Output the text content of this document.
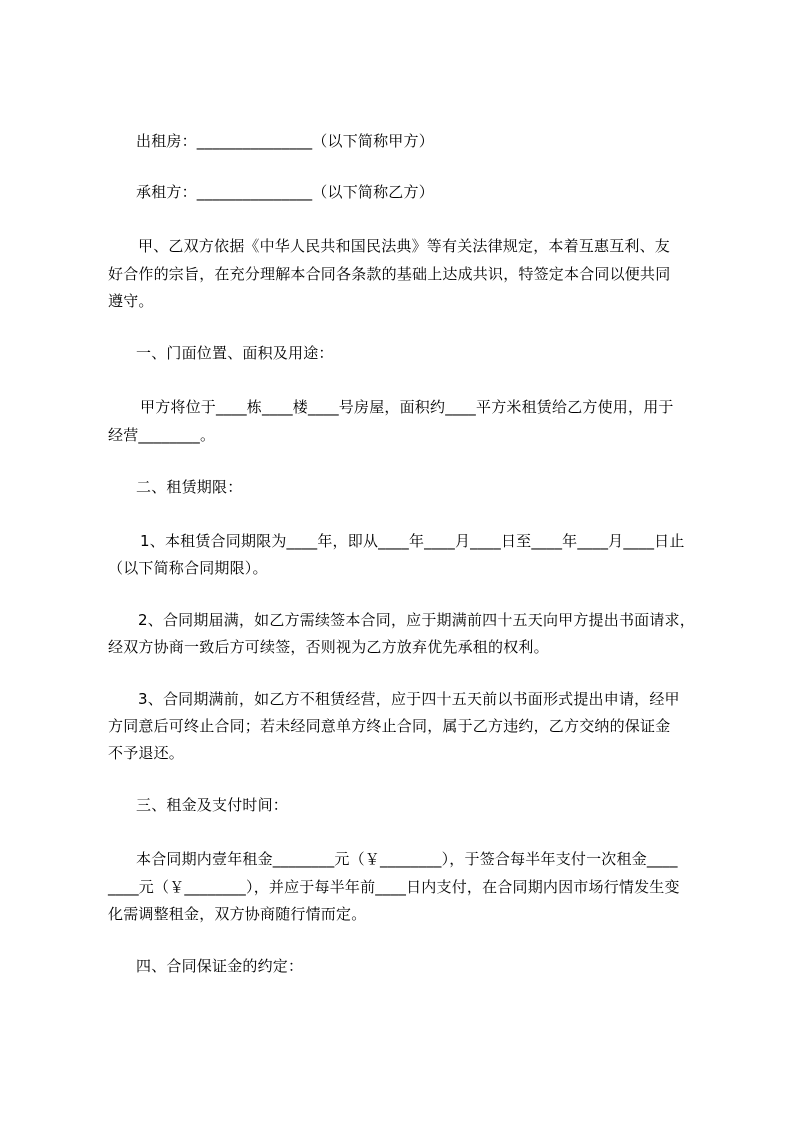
出租房：_______________（以下简称甲方）
承租方：_______________（以下简称乙方）
甲、乙双方依据《中华人民共和国民法典》等有关法律规定，本着互惠互利、友
好合作的宗旨，在充分理解本合同各条款的基础上达成共识，特签定本合同以便共同
遵守。
一、门面位置、面积及用途：
甲方将位于____栋____楼____号房屋，面积约____平方米租赁给乙方使用，用于
经营________。
二、租赁期限：
1、本租赁合同期限为____年，即从____年____月____日至____年____月____日止
（以下简称合同期限）。
2、合同期届满，如乙方需续签本合同，应于期满前四十五天向甲方提出书面请求，
经双方协商一致后方可续签，否则视为乙方放弃优先承租的权利。
3、合同期满前，如乙方不租赁经营，应于四十五天前以书面形式提出申请，经甲
方同意后可终止合同；若未经同意单方终止合同，属于乙方违约，乙方交纳的保证金
不予退还。
三、租金及支付时间：
本合同期内壹年租金________元（￥________），于签合每半年支付一次租金____
____元（￥________），并应于每半年前____日内支付，在合同期内因市场行情发生变
化需调整租金，双方协商随行情而定。
四、合同保证金的约定：
